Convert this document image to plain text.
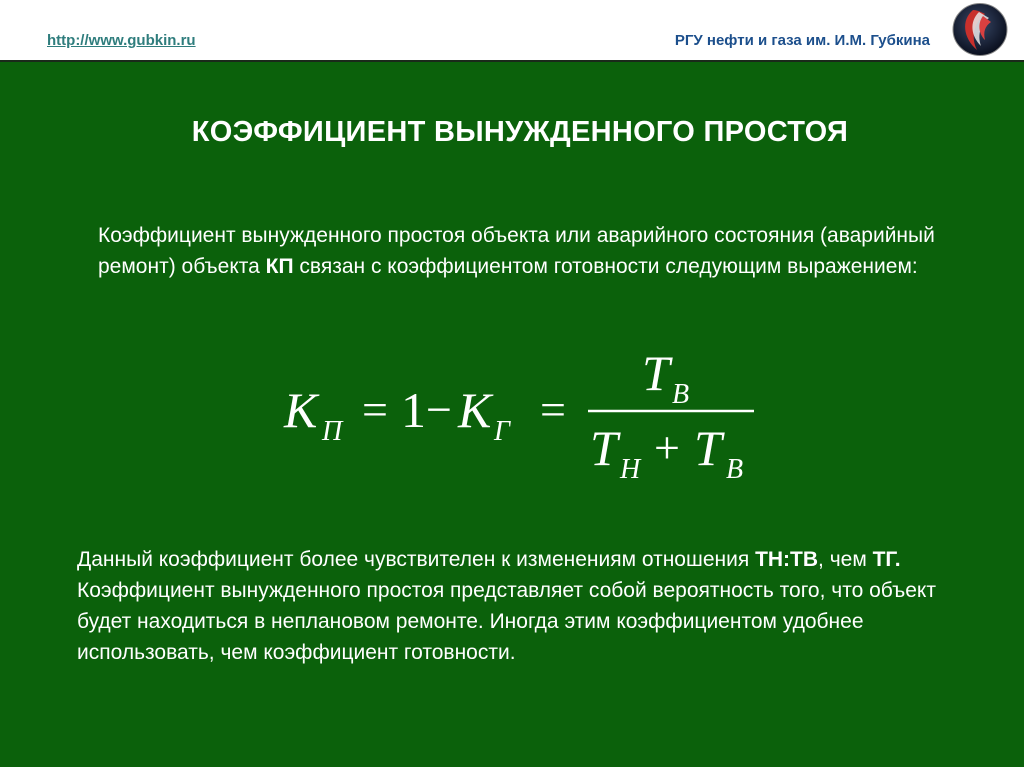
http://www.gubkin.ru	РГУ нефти и газа им. И.М. Губкина
КОЭФФИЦИЕНТ ВЫНУЖДЕННОГО ПРОСТОЯ
Коэффициент вынужденного простоя объекта или аварийного состояния (аварийный ремонт) объекта КП связан с коэффициентом готовности следующим выражением:
К П = 1 − К Г =
Т В
Т Н + Т В
Данный коэффициент более чувствителен к изменениям отношения ТН:ТВ, чем ТГ. Коэффициент вынужденного простоя представляет собой вероятность того, что объект будет находиться в неплановом ремонте. Иногда этим коэффициентом удобнее использовать, чем коэффициент готовности.
